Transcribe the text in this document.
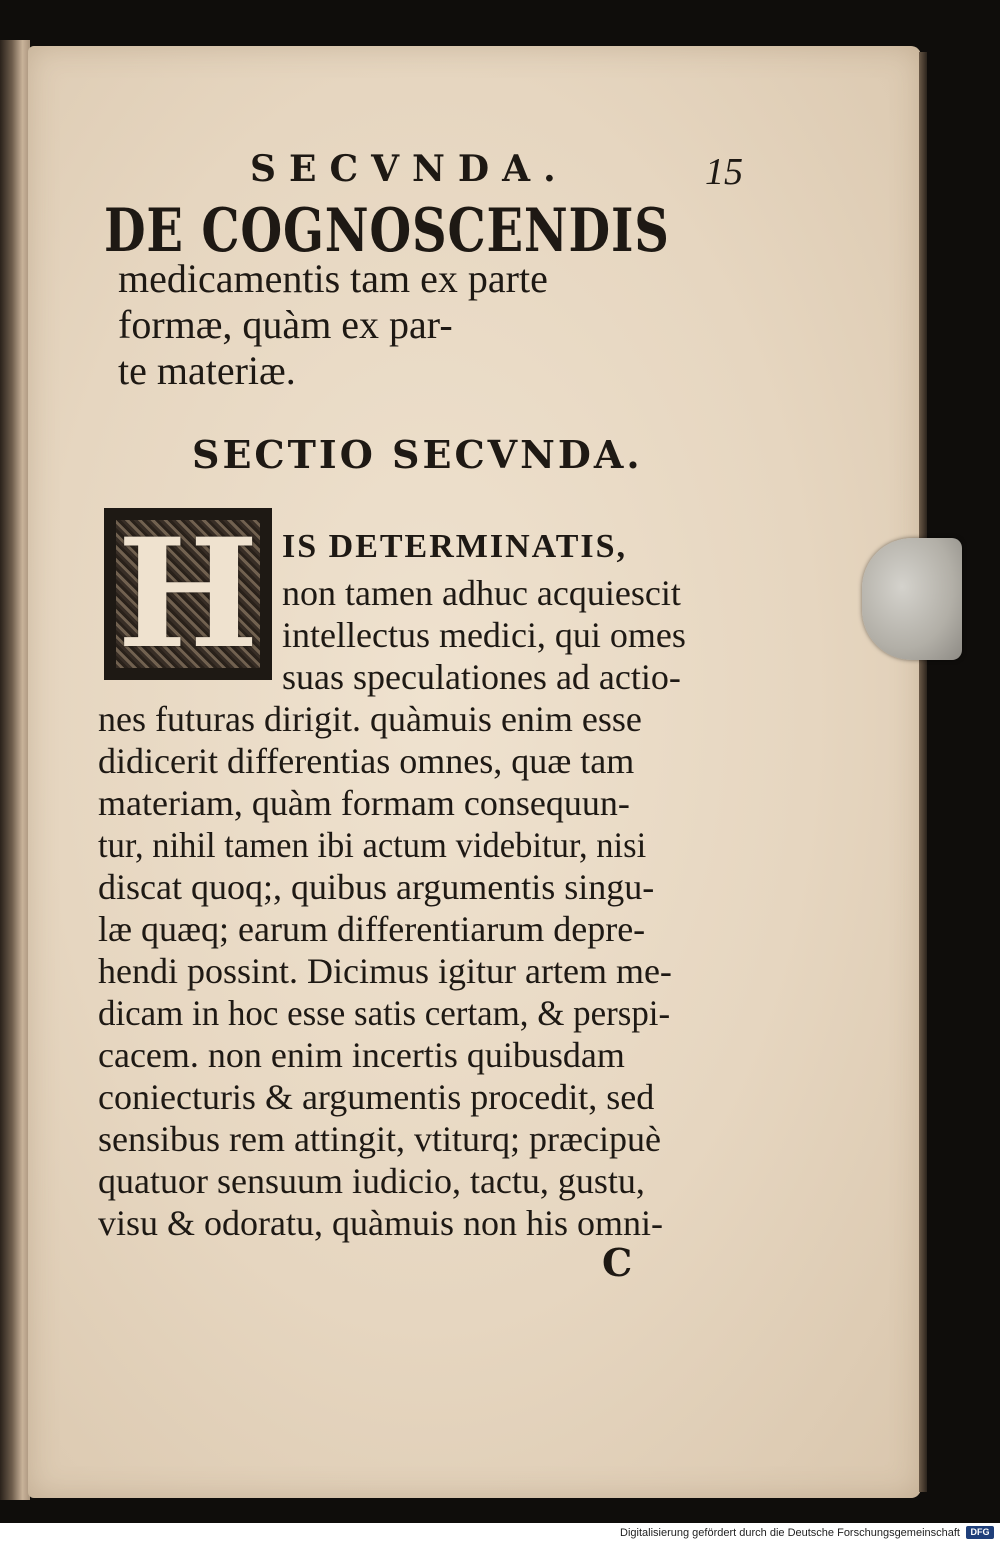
SECVNDA.	15
DE COGNOSCENDIS
medicamentis tam ex parte
formæ, quàm ex par-
te materiæ.
SECTIO SECVNDA.
H IS DETERMINATIS,
non tamen adhuc acquiescit
intellectus medici, qui omes
suas speculationes ad actio-
nes futuras dirigit. quàmuis enim esse
didicerit differentias omnes, quæ tam
materiam, quàm formam consequun-
tur, nihil tamen ibi actum videbitur, nisi
discat quoq;, quibus argumentis singu-
læ quæq; earum differentiarum depre-
hendi possint. Dicimus igitur artem me-
dicam in hoc esse satis certam, & perspi-
cacem. non enim incertis quibusdam
coniecturis & argumentis procedit, sed
sensibus rem attingit, vtiturq; præcipuè
quatuor sensuum iudicio, tactu, gustu,
visu & odoratu, quàmuis non his omni-
C
Digitalisierung gefördert durch die Deutsche Forschungsgemeinschaft	DFG
